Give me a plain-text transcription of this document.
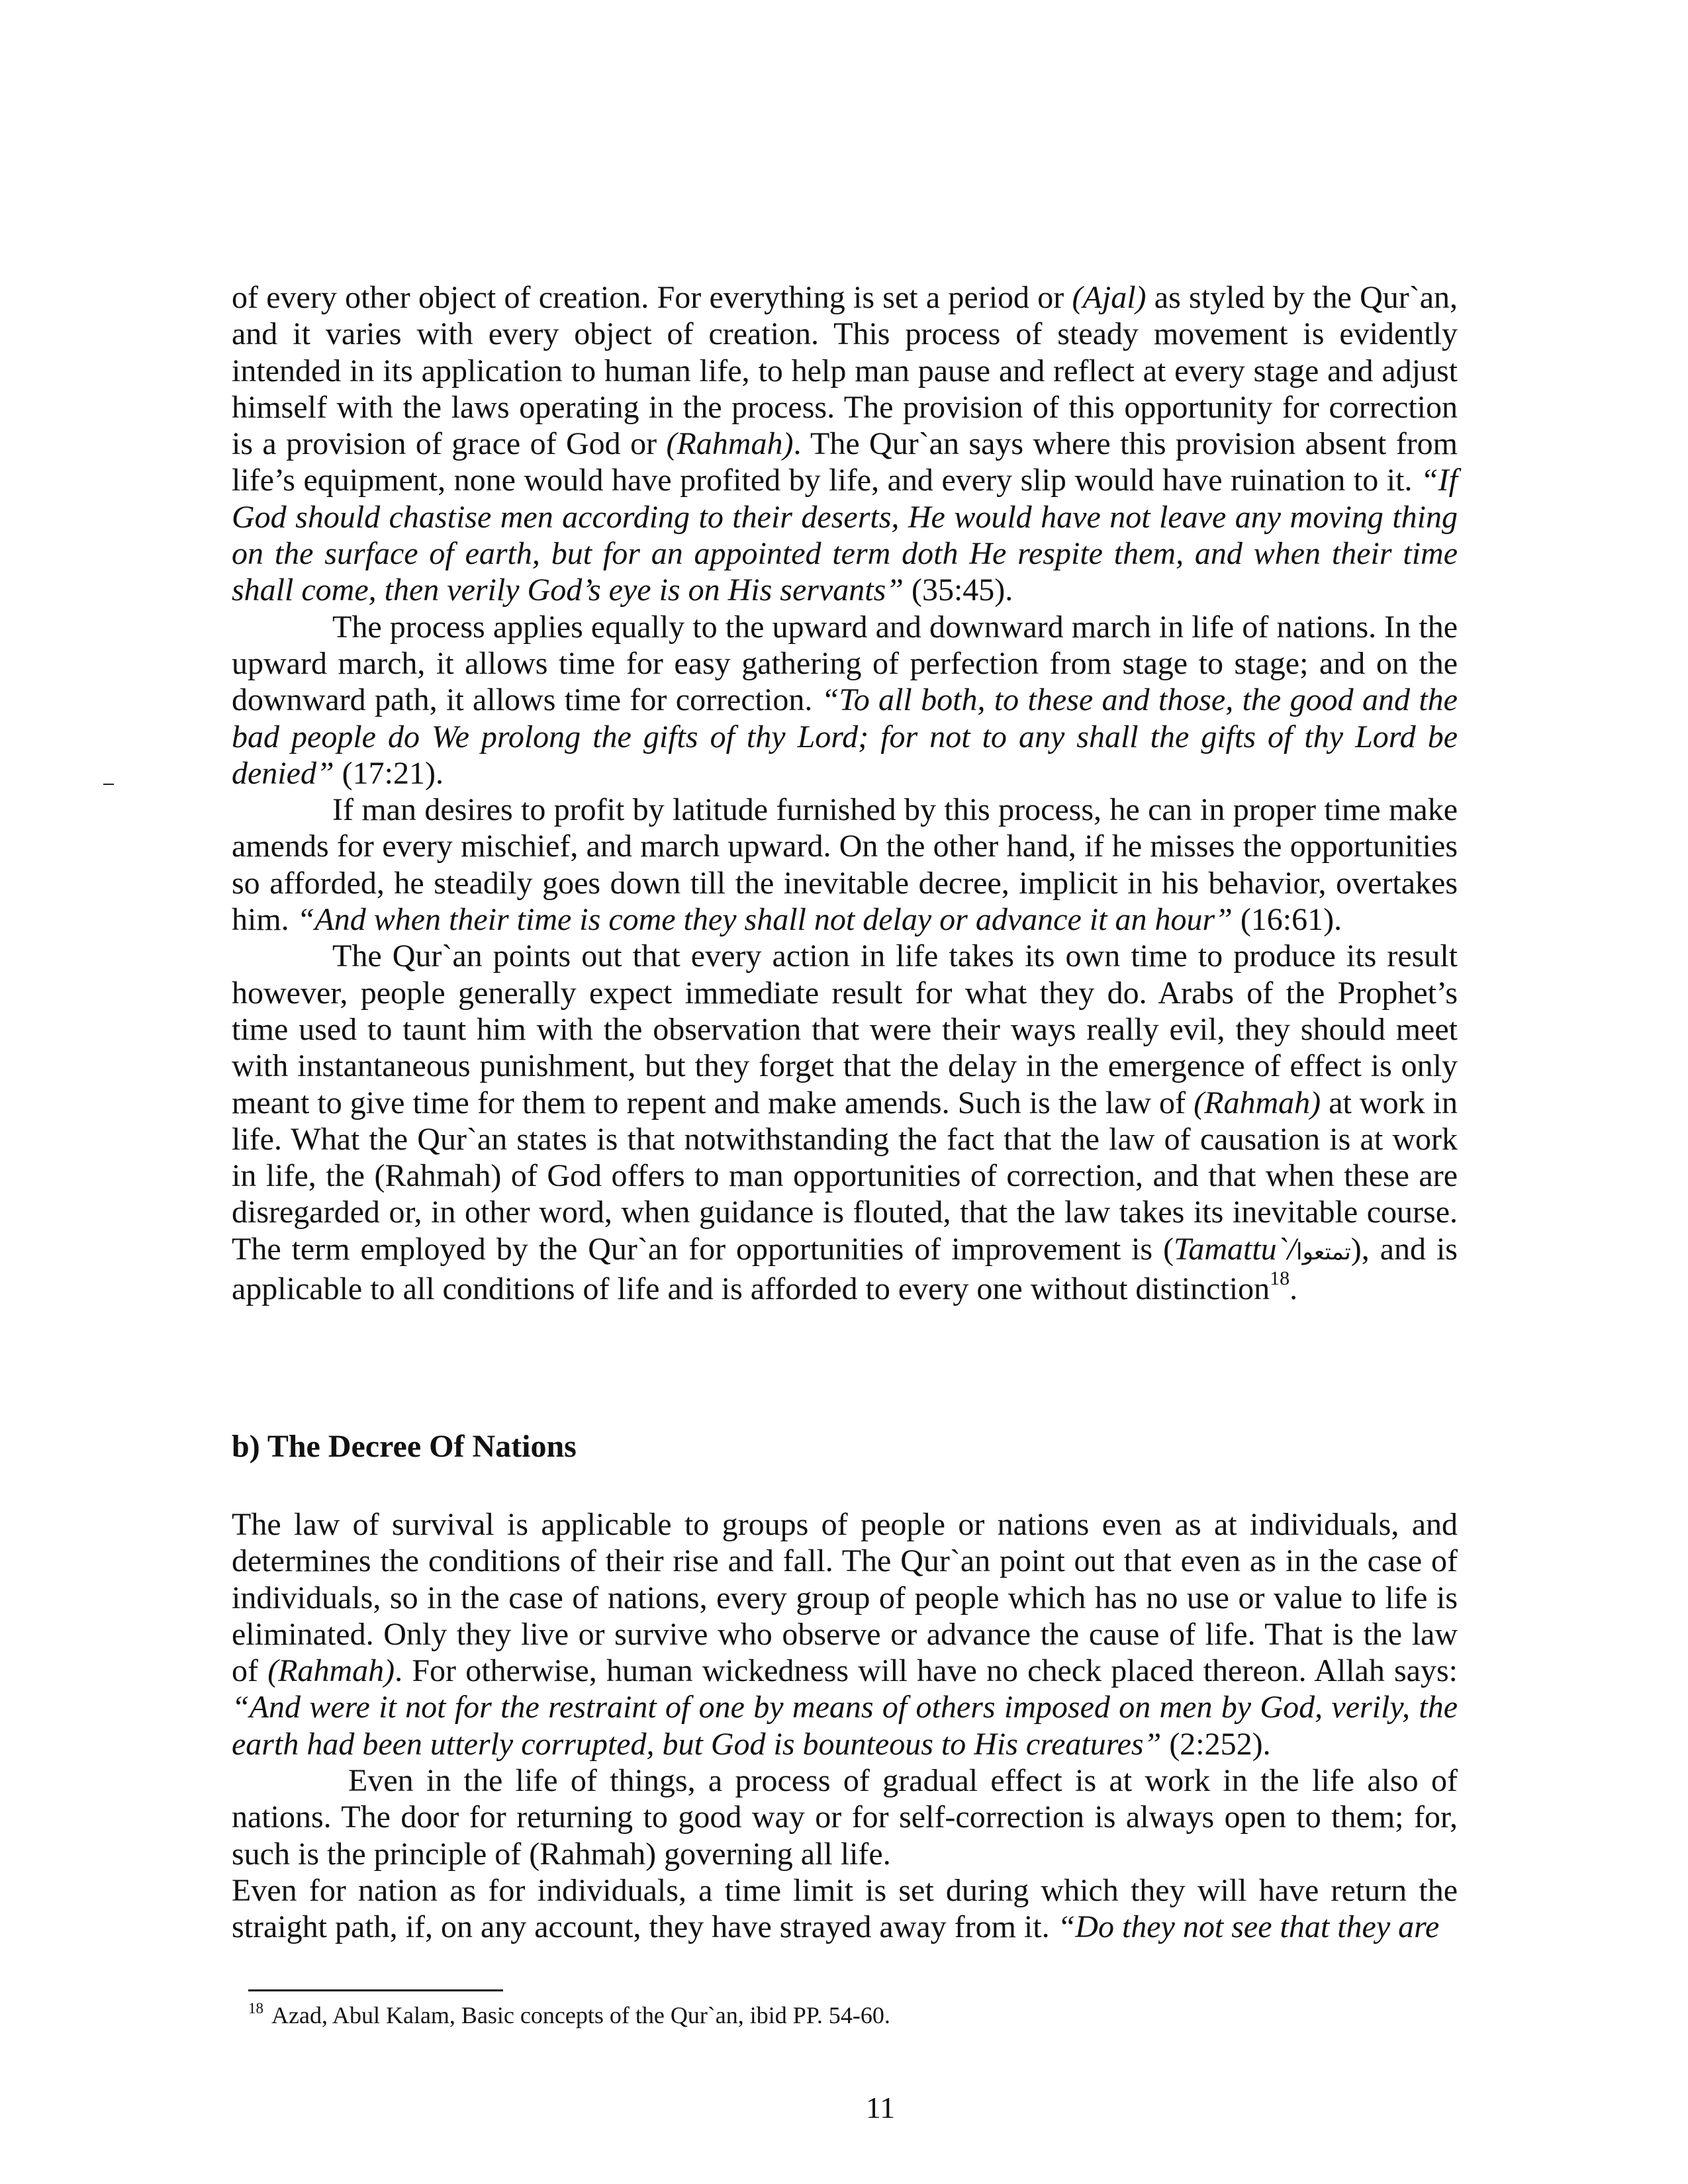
of every other object of creation. For everything is set a period or (Ajal) as styled by the Qur`an, and it varies with every object of creation. This process of steady movement is evidently intended in its application to human life, to help man pause and reflect at every stage and adjust himself with the laws operating in the process. The provision of this opportunity for correction is a provision of grace of God or (Rahmah). The Qur`an says where this provision absent from life’s equipment, none would have profited by life, and every slip would have ruination to it. “If God should chastise men according to their deserts, He would have not leave any moving thing on the surface of earth, but for an appointed term doth He respite them, and when their time shall come, then verily God’s eye is on His servants” (35:45).

The process applies equally to the upward and downward march in life of nations. In the upward march, it allows time for easy gathering of perfection from stage to stage; and on the downward path, it allows time for correction. “To all both, to these and those, the good and the bad people do We prolong the gifts of thy Lord; for not to any shall the gifts of thy Lord be denied” (17:21).

If man desires to profit by latitude furnished by this process, he can in proper time make amends for every mischief, and march upward. On the other hand, if he misses the opportunities so afforded, he steadily goes down till the inevitable decree, implicit in his behavior, overtakes him. “And when their time is come they shall not delay or advance it an hour” (16:61).

The Qur`an points out that every action in life takes its own time to produce its result however, people generally expect immediate result for what they do. Arabs of the Prophet’s time used to taunt him with the observation that were their ways really evil, they should meet with instantaneous punishment, but they forget that the delay in the emergence of effect is only meant to give time for them to repent and make amends. Such is the law of (Rahmah) at work in life. What the Qur`an states is that notwithstanding the fact that the law of causation is at work in life, the (Rahmah) of God offers to man opportunities of correction, and that when these are disregarded or, in other word, when guidance is flouted, that the law takes its inevitable course. The term employed by the Qur`an for opportunities of improvement is (Tamattu`/تمتعوا), and is applicable to all conditions of life and is afforded to every one without distinction$^{18}$.

b) The Decree Of Nations

The law of survival is applicable to groups of people or nations even as at individuals, and determines the conditions of their rise and fall. The Qur`an point out that even as in the case of individuals, so in the case of nations, every group of people which has no use or value to life is eliminated. Only they live or survive who observe or advance the cause of life. That is the law of (Rahmah). For otherwise, human wickedness will have no check placed thereon. Allah says: “And were it not for the restraint of one by means of others imposed on men by God, verily, the earth had been utterly corrupted, but God is bounteous to His creatures” (2:252).

Even in the life of things, a process of gradual effect is at work in the life also of nations. The door for returning to good way or for self-correction is always open to them; for, such is the principle of (Rahmah) governing all life.

Even for nation as for individuals, a time limit is set during which they will have return the straight path, if, on any account, they have strayed away from it. “Do they not see that they are

$^{18}$ Azad, Abul Kalam, Basic concepts of the Qur`an, ibid PP. 54-60.
11
